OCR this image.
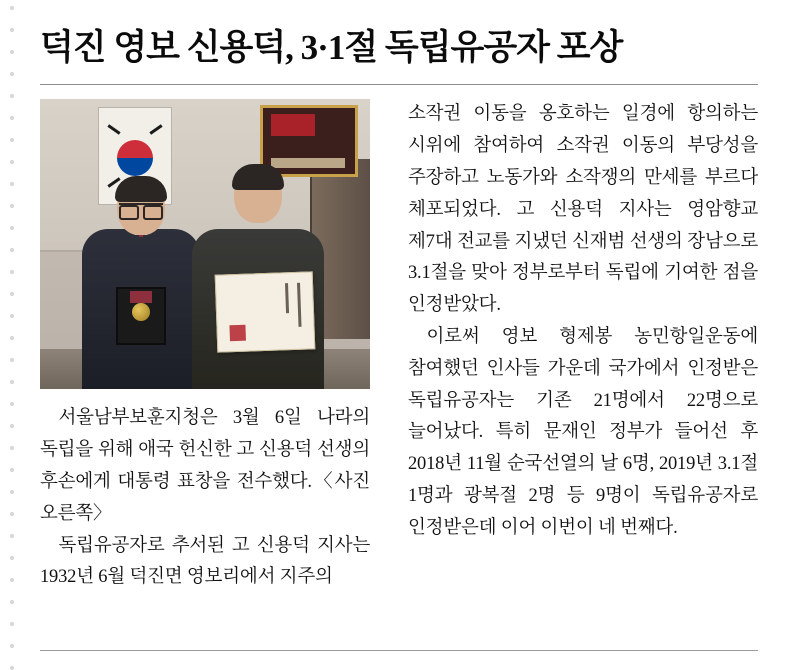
덕진 영보 신용덕, 3·1절 독립유공자 포상

서울남부보훈지청은 3월 6일 나라의 독립을 위해 애국 헌신한 고 신용덕 선생의 후손에게 대통령 표창을 전수했다.〈사진 오른쪽〉

독립유공자로 추서된 고 신용덕 지사는 1932년 6월 덕진면 영보리에서 지주의

소작권 이동을 옹호하는 일경에 항의하는 시위에 참여하여 소작권 이동의 부당성을 주장하고 노동가와 소작쟁의 만세를 부르다 체포되었다. 고 신용덕 지사는 영암향교 제7대 전교를 지냈던 신재범 선생의 장남으로 3.1절을 맞아 정부로부터 독립에 기여한 점을 인정받았다.

이로써 영보 형제봉 농민항일운동에 참여했던 인사들 가운데 국가에서 인정받은 독립유공자는 기존 21명에서 22명으로 늘어났다. 특히 문재인 정부가 들어선 후 2018년 11월 순국선열의 날 6명, 2019년 3.1절 1명과 광복절 2명 등 9명이 독립유공자로 인정받은데 이어 이번이 네 번째다.
